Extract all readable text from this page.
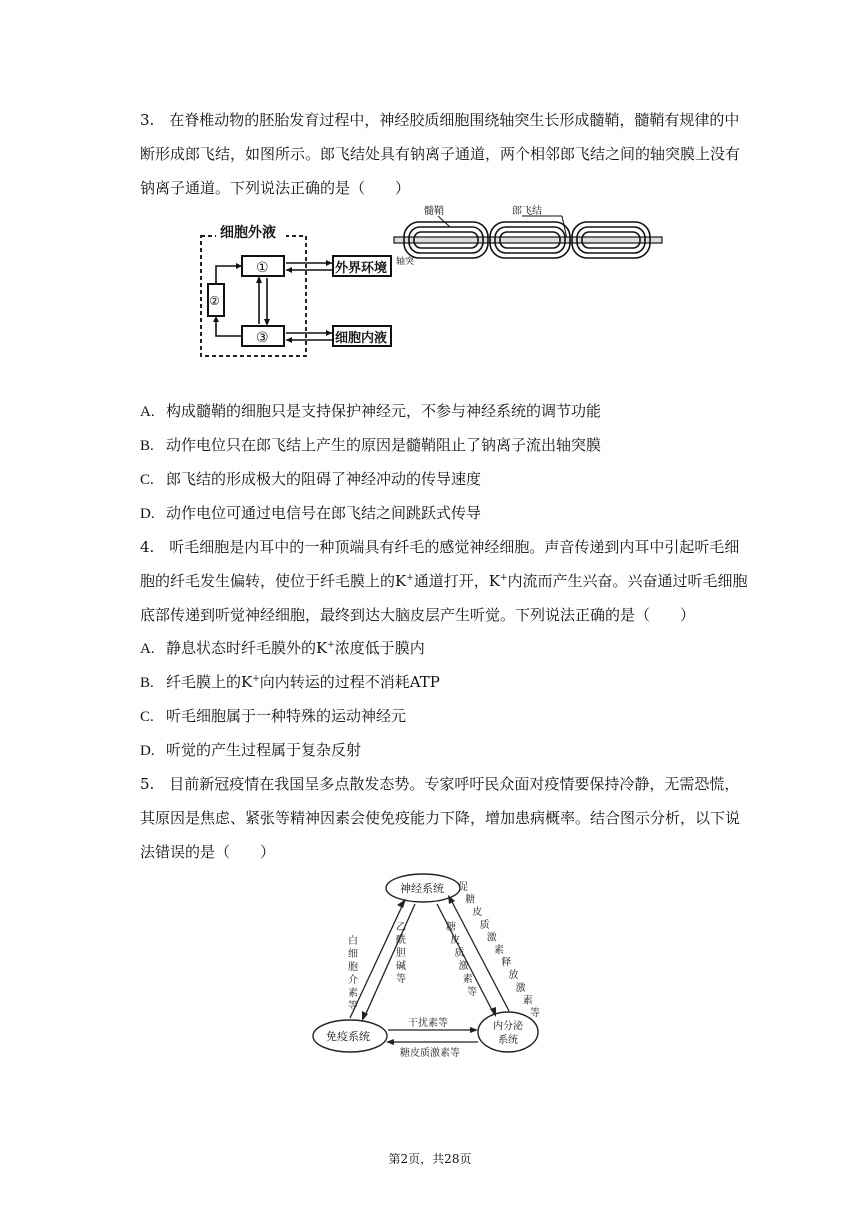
3.　在脊椎动物的胚胎发育过程中，神经胶质细胞围绕轴突生长形成髓鞘，髓鞘有规律的中断形成郎飞结，如图所示。郎飞结处具有钠离子通道，两个相邻郎飞结之间的轴突膜上没有钠离子通道。下列说法正确的是（　　）

细胞外液
①
③
②
外界环境
细胞内液
髓鞘	郎飞结
轴突
A. 构成髓鞘的细胞只是支持保护神经元，不参与神经系统的调节功能
B. 动作电位只在郎飞结上产生的原因是髓鞘阻止了钠离子流出轴突膜
C. 郎飞结的形成极大的阻碍了神经冲动的传导速度
D. 动作电位可通过电信号在郎飞结之间跳跃式传导

4.　听毛细胞是内耳中的一种顶端具有纤毛的感觉神经细胞。声音传递到内耳中引起听毛细胞的纤毛发生偏转，使位于纤毛膜上的K+通道打开，K+内流而产生兴奋。兴奋通过听毛细胞底部传递到听觉神经细胞，最终到达大脑皮层产生听觉。下列说法正确的是（　　）

A. 静息状态时纤毛膜外的K+浓度低于膜内
B. 纤毛膜上的K+向内转运的过程不消耗ATP
C. 听毛细胞属于一种特殊的运动神经元
D. 听觉的产生过程属于复杂反射

5.　目前新冠疫情在我国呈多点散发态势。专家呼吁民众面对疫情要保持冷静，无需恐慌，其原因是焦虑、紧张等精神因素会使免疫能力下降，增加患病概率。结合图示分析，以下说法错误的是（　　）

神经系统
免疫系统
内分泌
系统
白
细
胞
介
素
等
乙
酰
胆
碱
等
糖
皮
质
激
素
等
促
糖
皮
质
激
素
释
放
激
素
等
干扰素等
糖皮质激素等
第2页，共28页
